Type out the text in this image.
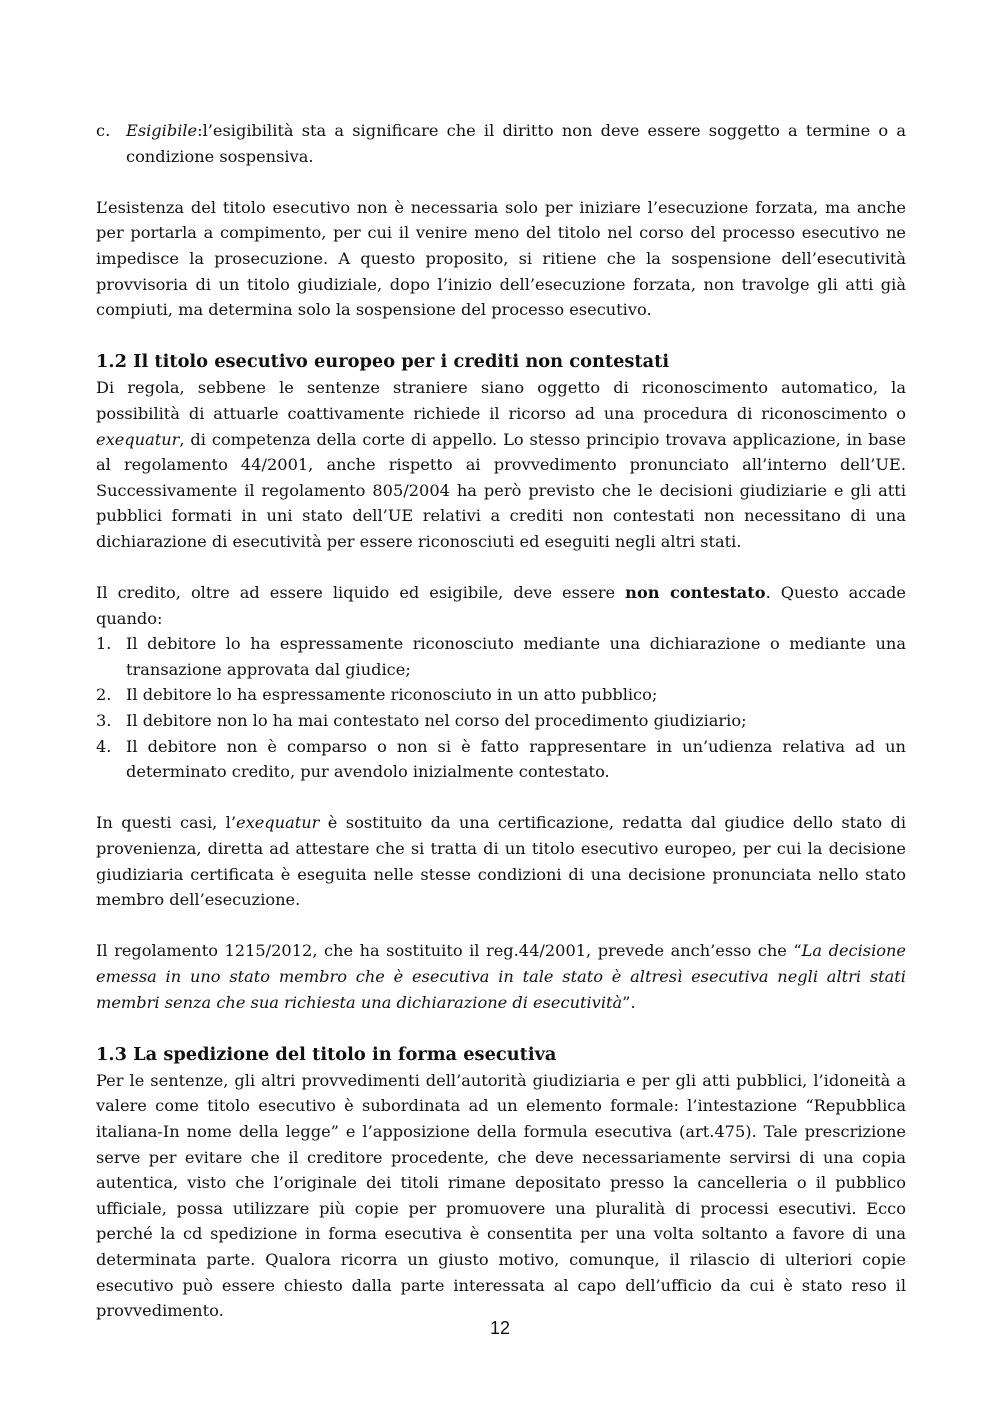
c. Esigibile:l’esigibilità sta a significare che il diritto non deve essere soggetto a termine o a condizione sospensiva.

L’esistenza del titolo esecutivo non è necessaria solo per iniziare l’esecuzione forzata, ma anche per portarla a compimento, per cui il venire meno del titolo nel corso del processo esecutivo ne impedisce la prosecuzione. A questo proposito, si ritiene che la sospensione dell’esecutività provvisoria di un titolo giudiziale, dopo l’inizio dell’esecuzione forzata, non travolge gli atti già compiuti, ma determina solo la sospensione del processo esecutivo.

1.2 Il titolo esecutivo europeo per i crediti non contestati

Di regola, sebbene le sentenze straniere siano oggetto di riconoscimento automatico, la possibilità di attuarle coattivamente richiede il ricorso ad una procedura di riconoscimento o exequatur, di competenza della corte di appello. Lo stesso principio trovava applicazione, in base al regolamento 44/2001, anche rispetto ai provvedimento pronunciato all’interno dell’UE. Successivamente il regolamento 805/2004 ha però previsto che le decisioni giudiziarie e gli atti pubblici formati in uni stato dell’UE relativi a crediti non contestati non necessitano di una dichiarazione di esecutività per essere riconosciuti ed eseguiti negli altri stati.

Il credito, oltre ad essere liquido ed esigibile, deve essere non contestato. Questo accade quando:

1. Il debitore lo ha espressamente riconosciuto mediante una dichiarazione o mediante una transazione approvata dal giudice;
2. Il debitore lo ha espressamente riconosciuto in un atto pubblico;
3. Il debitore non lo ha mai contestato nel corso del procedimento giudiziario;
4. Il debitore non è comparso o non si è fatto rappresentare in un’udienza relativa ad un determinato credito, pur avendolo inizialmente contestato.

In questi casi, l’exequatur è sostituito da una certificazione, redatta dal giudice dello stato di provenienza, diretta ad attestare che si tratta di un titolo esecutivo europeo, per cui la decisione giudiziaria certificata è eseguita nelle stesse condizioni di una decisione pronunciata nello stato membro dell’esecuzione.

Il regolamento 1215/2012, che ha sostituito il reg.44/2001, prevede anch’esso che “La decisione emessa in uno stato membro che è esecutiva in tale stato è altresì esecutiva negli altri stati membri senza che sua richiesta una dichiarazione di esecutività”.

1.3 La spedizione del titolo in forma esecutiva

Per le sentenze, gli altri provvedimenti dell’autorità giudiziaria e per gli atti pubblici, l’idoneità a valere come titolo esecutivo è subordinata ad un elemento formale: l’intestazione “Repubblica italiana-In nome della legge” e l’apposizione della formula esecutiva (art.475). Tale prescrizione serve per evitare che il creditore procedente, che deve necessariamente servirsi di una copia autentica, visto che l’originale dei titoli rimane depositato presso la cancelleria o il pubblico ufficiale, possa utilizzare più copie per promuovere una pluralità di processi esecutivi. Ecco perché la cd spedizione in forma esecutiva è consentita per una volta soltanto a favore di una determinata parte. Qualora ricorra un giusto motivo, comunque, il rilascio di ulteriori copie esecutivo può essere chiesto dalla parte interessata al capo dell’ufficio da cui è stato reso il provvedimento.

12
